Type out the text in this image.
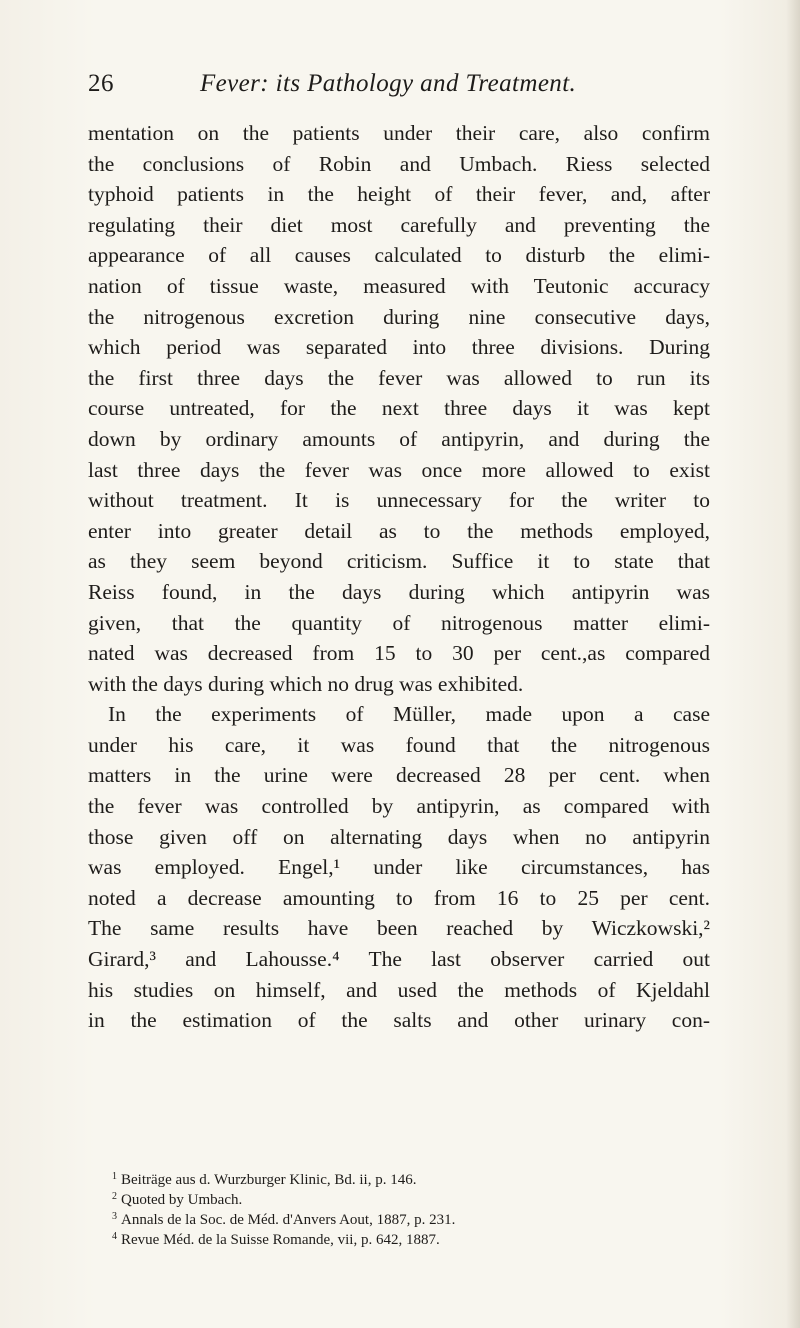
26	Fever: its Pathology and Treatment.
mentation on the patients under their care, also confirm
the conclusions of Robin and Umbach. Riess selected
typhoid patients in the height of their fever, and, after
regulating their diet most carefully and preventing the
appearance of all causes calculated to disturb the elimi-
nation of tissue waste, measured with Teutonic accuracy
the nitrogenous excretion during nine consecutive days,
which period was separated into three divisions. During
the first three days the fever was allowed to run its
course untreated, for the next three days it was kept
down by ordinary amounts of antipyrin, and during the
last three days the fever was once more allowed to exist
without treatment. It is unnecessary for the writer to
enter into greater detail as to the methods employed,
as they seem beyond criticism. Suffice it to state that
Reiss found, in the days during which antipyrin was
given, that the quantity of nitrogenous matter elimi-
nated was decreased from 15 to 30 per cent.,as compared
with the days during which no drug was exhibited.
In the experiments of Müller, made upon a case
under his care, it was found that the nitrogenous
matters in the urine were decreased 28 per cent. when
the fever was controlled by antipyrin, as compared with
those given off on alternating days when no antipyrin
was employed. Engel,¹ under like circumstances, has
noted a decrease amounting to from 16 to 25 per cent.
The same results have been reached by Wiczkowski,²
Girard,³ and Lahousse.⁴ The last observer carried out
his studies on himself, and used the methods of Kjeldahl
in the estimation of the salts and other urinary con-
$^1$ Beiträge aus d. Wurzburger Klinic, Bd. ii, p. 146.
$^2$ Quoted by Umbach.
$^3$ Annals de la Soc. de Méd. d'Anvers Aout, 1887, p. 231.
$^4$ Revue Méd. de la Suisse Romande, vii, p. 642, 1887.
